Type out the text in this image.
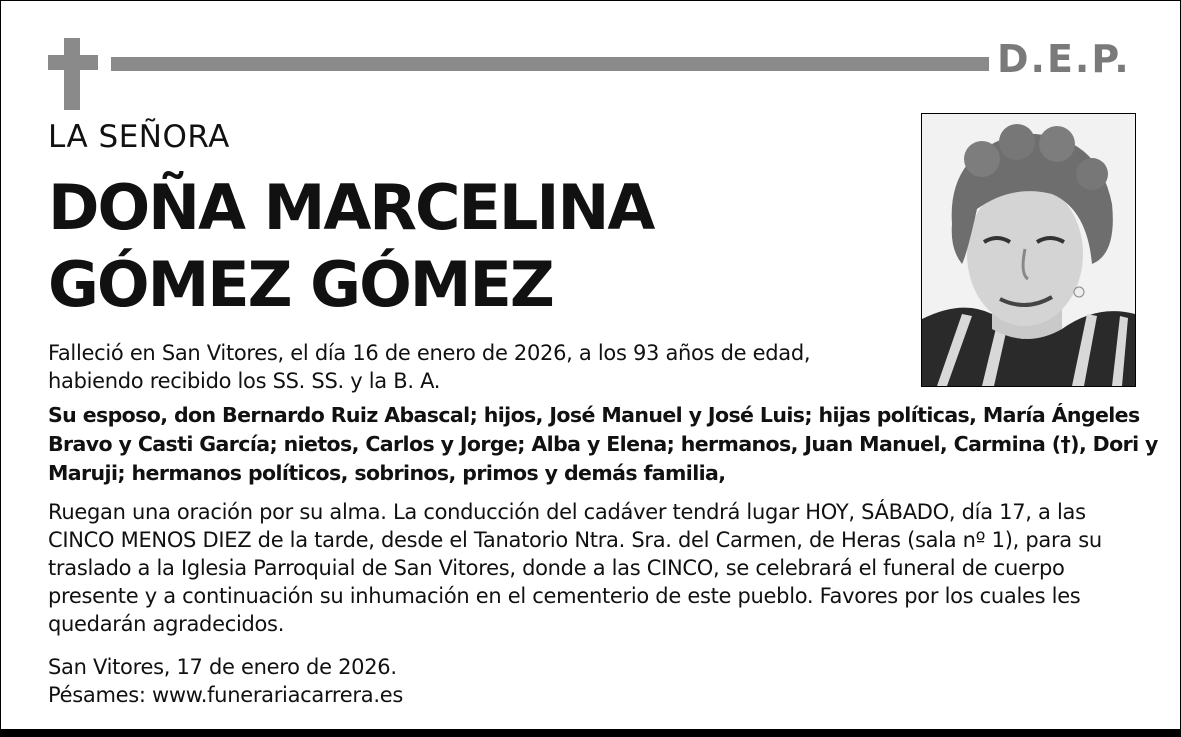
D.E.P.
LA SEÑORA
DOÑA MARCELINA
GÓMEZ GÓMEZ
Falleció en San Vitores, el día 16 de enero de 2026, a los 93 años de edad,
habiendo recibido los SS. SS. y la B. A.
Su esposo, don Bernardo Ruiz Abascal; hijos, José Manuel y José Luis; hijas políticas, María Ángeles Bravo y Casti García; nietos, Carlos y Jorge; Alba y Elena; hermanos, Juan Manuel, Carmina (†), Dori y Maruji; hermanos políticos, sobrinos, primos y demás familia,
Ruegan una oración por su alma. La conducción del cadáver tendrá lugar HOY, SÁBADO, día 17, a las CINCO MENOS DIEZ de la tarde, desde el Tanatorio Ntra. Sra. del Carmen, de Heras (sala nº 1), para su traslado a la Iglesia Parroquial de San Vitores, donde a las CINCO, se celebrará el funeral de cuerpo presente y a continuación su inhumación en el cementerio de este pueblo. Favores por los cuales les quedarán agradecidos.
San Vitores, 17 de enero de 2026.
Pésames: www.funerariacarrera.es
